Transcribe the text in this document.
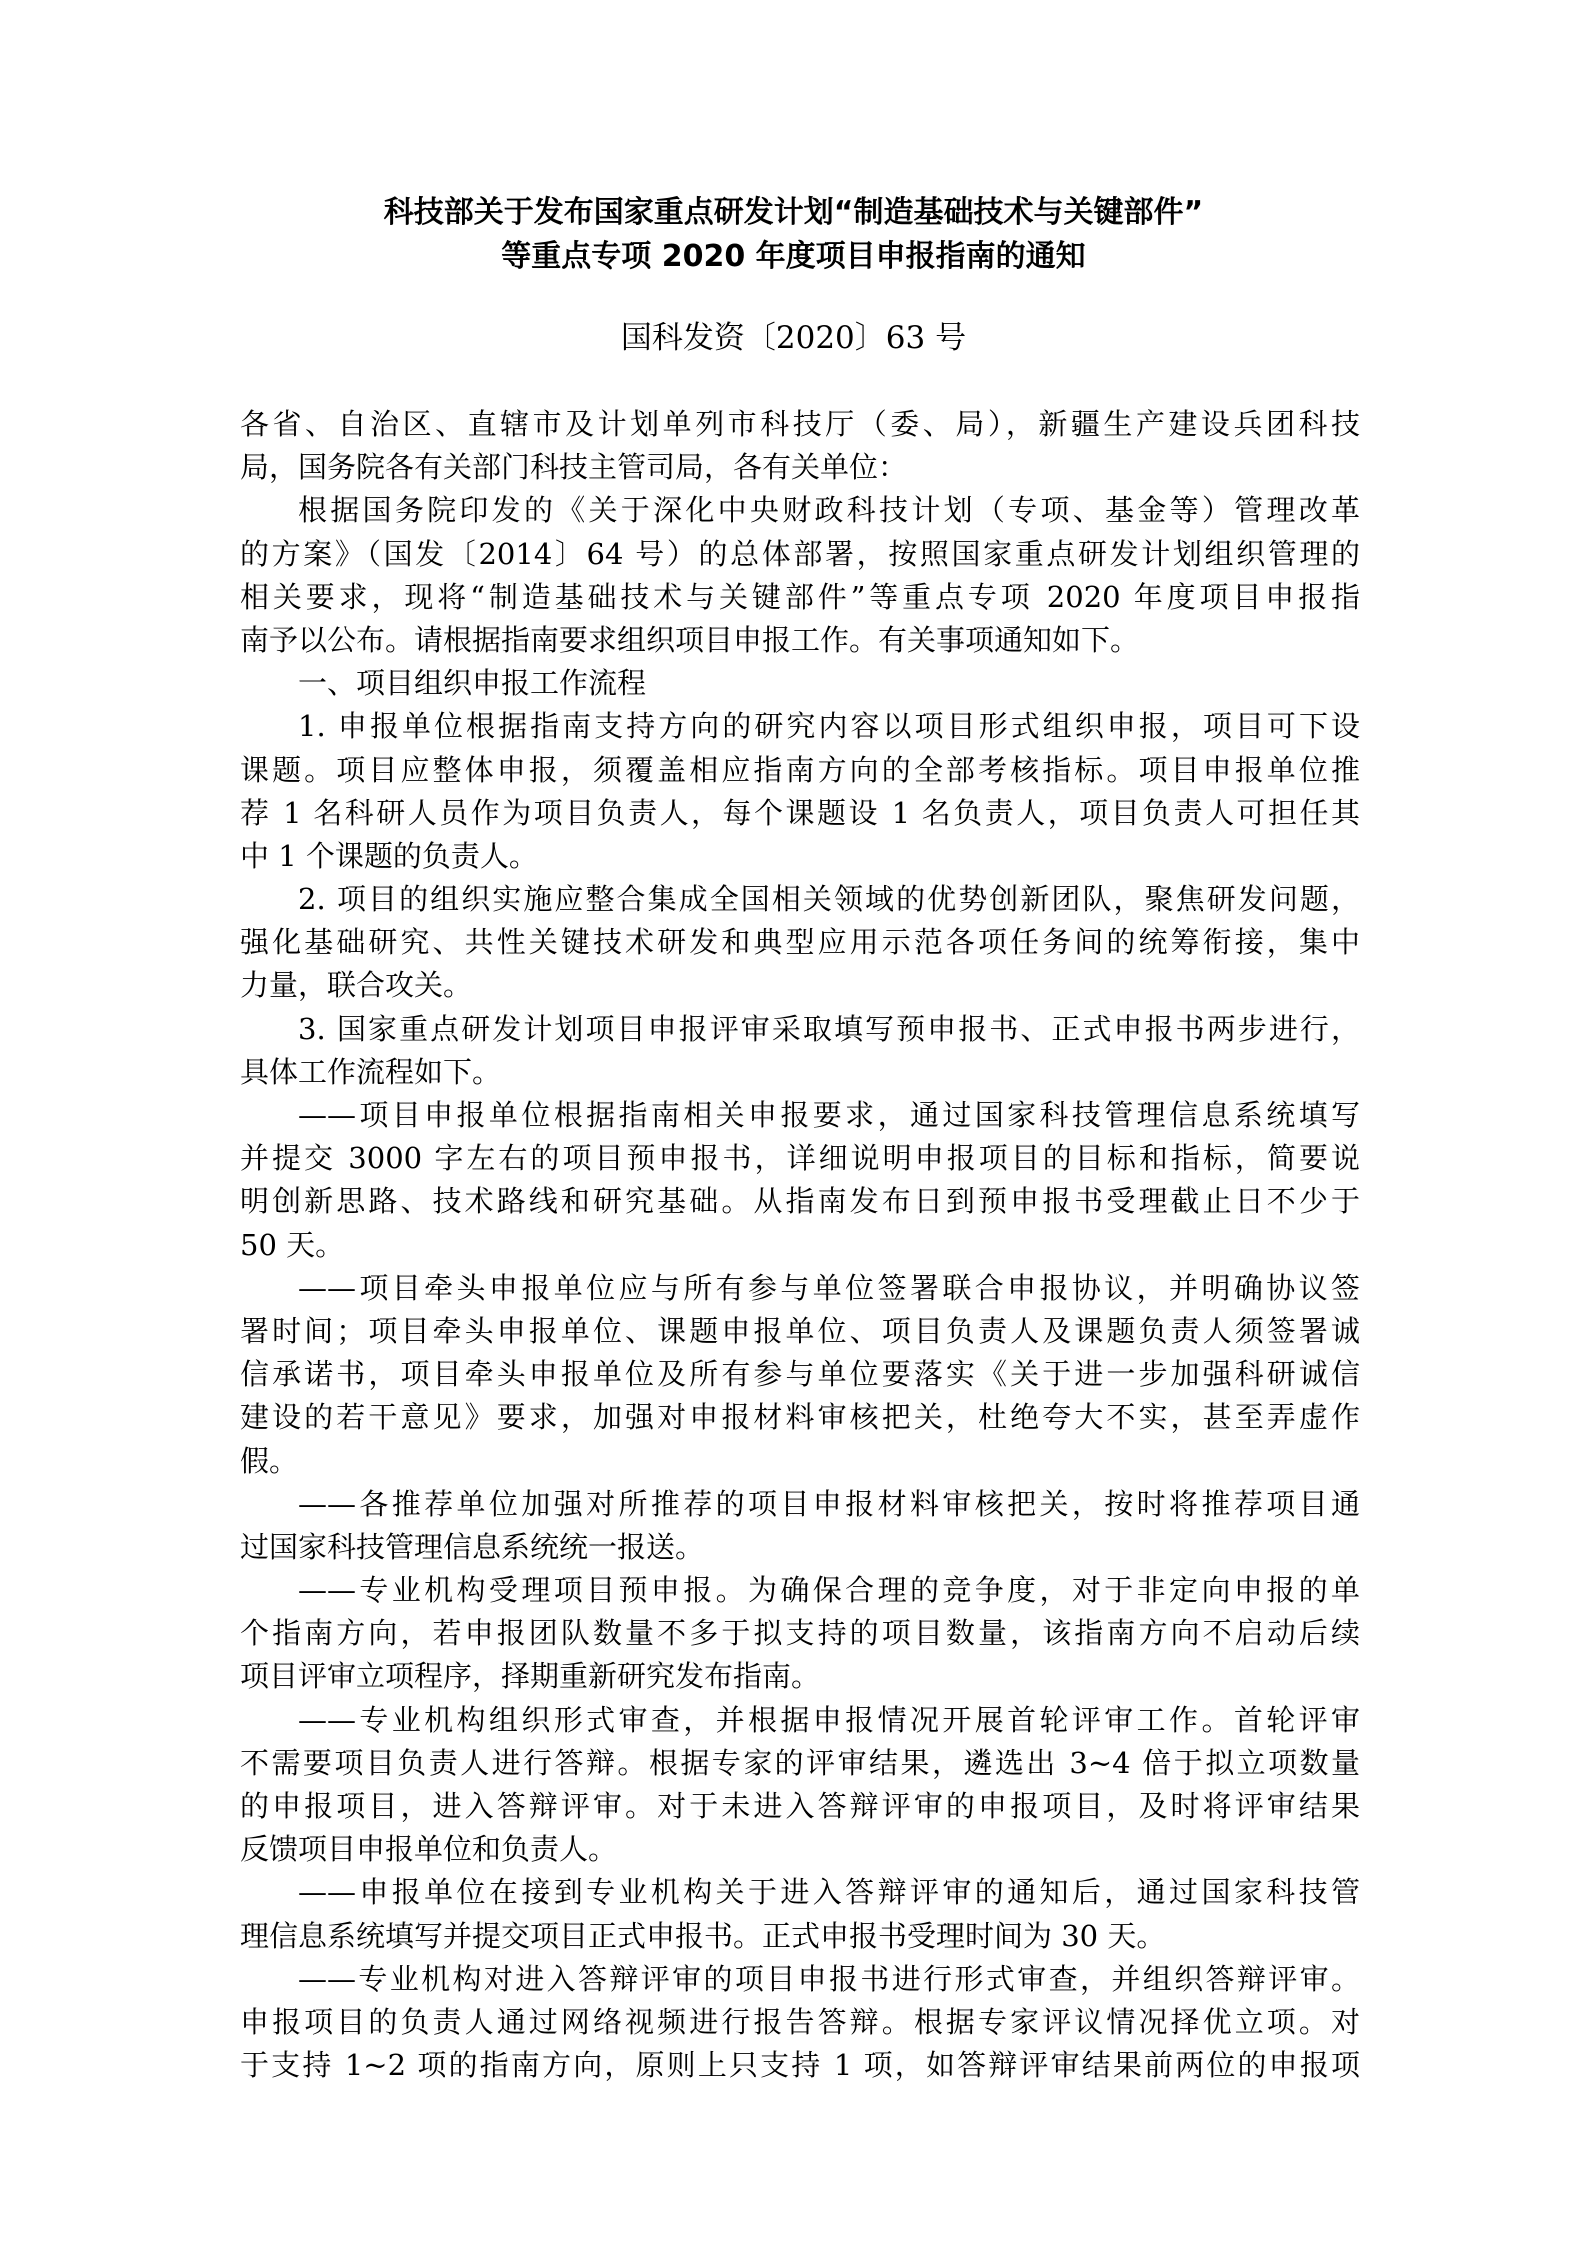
科技部关于发布国家重点研发计划“制造基础技术与关键部件”
等重点专项 2020 年度项目申报指南的通知
国科发资〔2020〕63 号
各省、自治区、直辖市及计划单列市科技厅（委、局），新疆生产建设兵团科技
局，国务院各有关部门科技主管司局，各有关单位：
根据国务院印发的《关于深化中央财政科技计划（专项、基金等）管理改革
的方案》（国发〔2014〕64 号）的总体部署，按照国家重点研发计划组织管理的
相关要求，现将“制造基础技术与关键部件”等重点专项 2020 年度项目申报指
南予以公布。请根据指南要求组织项目申报工作。有关事项通知如下。
一、项目组织申报工作流程
1. 申报单位根据指南支持方向的研究内容以项目形式组织申报，项目可下设
课题。项目应整体申报，须覆盖相应指南方向的全部考核指标。项目申报单位推
荐 1 名科研人员作为项目负责人，每个课题设 1 名负责人，项目负责人可担任其
中 1 个课题的负责人。
2. 项目的组织实施应整合集成全国相关领域的优势创新团队，聚焦研发问题，
强化基础研究、共性关键技术研发和典型应用示范各项任务间的统筹衔接，集中
力量，联合攻关。
3. 国家重点研发计划项目申报评审采取填写预申报书、正式申报书两步进行，
具体工作流程如下。
——项目申报单位根据指南相关申报要求，通过国家科技管理信息系统填写
并提交 3000 字左右的项目预申报书，详细说明申报项目的目标和指标，简要说
明创新思路、技术路线和研究基础。从指南发布日到预申报书受理截止日不少于
50 天。
——项目牵头申报单位应与所有参与单位签署联合申报协议，并明确协议签
署时间；项目牵头申报单位、课题申报单位、项目负责人及课题负责人须签署诚
信承诺书，项目牵头申报单位及所有参与单位要落实《关于进一步加强科研诚信
建设的若干意见》要求，加强对申报材料审核把关，杜绝夸大不实，甚至弄虚作
假。
——各推荐单位加强对所推荐的项目申报材料审核把关，按时将推荐项目通
过国家科技管理信息系统统一报送。
——专业机构受理项目预申报。为确保合理的竞争度，对于非定向申报的单
个指南方向，若申报团队数量不多于拟支持的项目数量，该指南方向不启动后续
项目评审立项程序，择期重新研究发布指南。
——专业机构组织形式审查，并根据申报情况开展首轮评审工作。首轮评审
不需要项目负责人进行答辩。根据专家的评审结果，遴选出 3~4 倍于拟立项数量
的申报项目，进入答辩评审。对于未进入答辩评审的申报项目，及时将评审结果
反馈项目申报单位和负责人。
——申报单位在接到专业机构关于进入答辩评审的通知后，通过国家科技管
理信息系统填写并提交项目正式申报书。正式申报书受理时间为 30 天。
——专业机构对进入答辩评审的项目申报书进行形式审查，并组织答辩评审。
申报项目的负责人通过网络视频进行报告答辩。根据专家评议情况择优立项。对
于支持 1~2 项的指南方向，原则上只支持 1 项，如答辩评审结果前两位的申报项
